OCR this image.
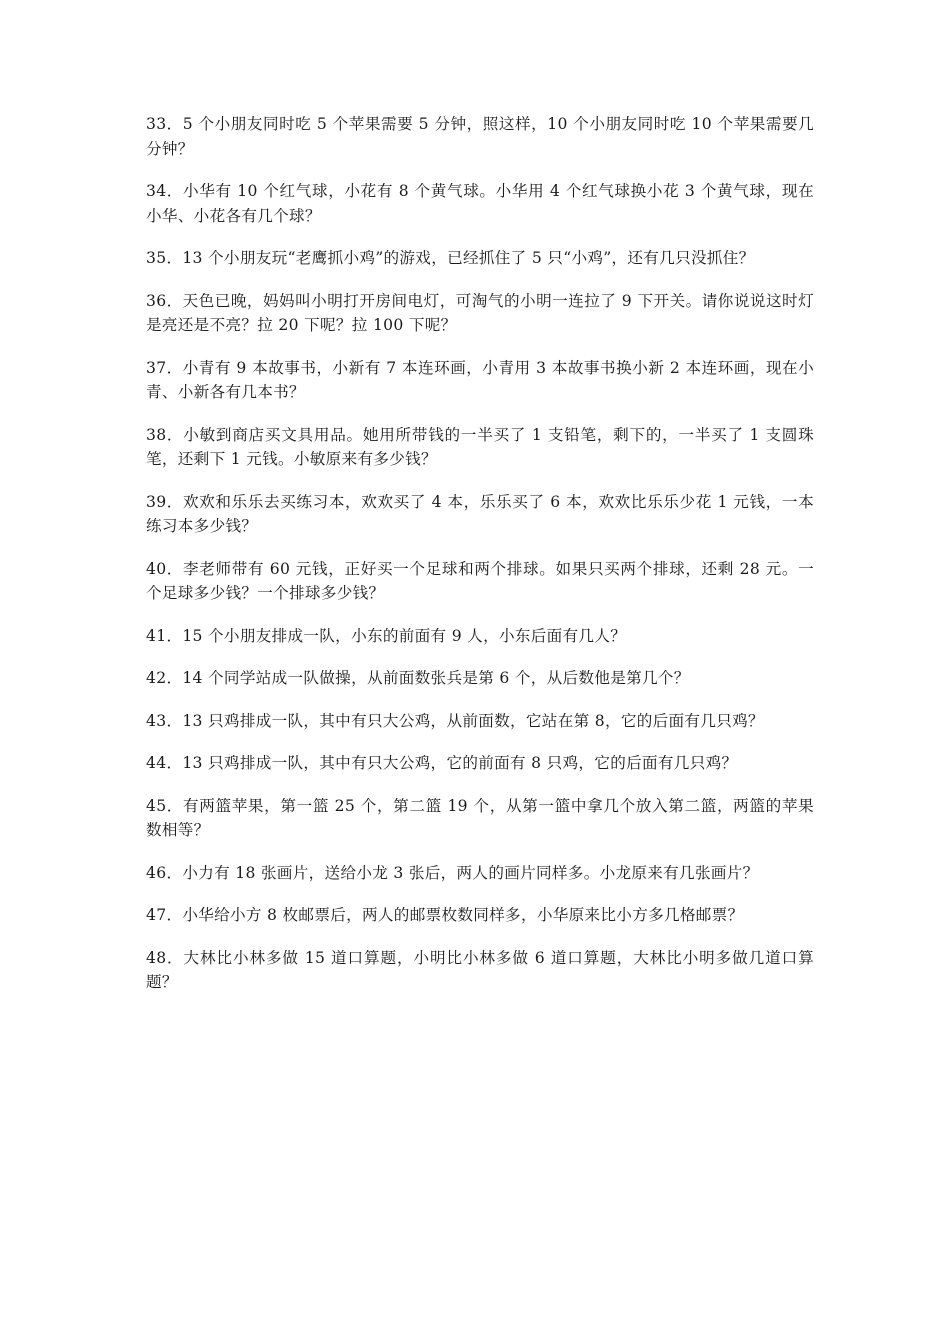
33．5 个小朋友同时吃 5 个苹果需要 5 分钟，照这样，10 个小朋友同时吃 10 个苹果需要几分钟？

34．小华有 10 个红气球，小花有 8 个黄气球。小华用 4 个红气球换小花 3 个黄气球，现在小华、小花各有几个球？

35．13 个小朋友玩“老鹰抓小鸡”的游戏，已经抓住了 5 只“小鸡”，还有几只没抓住？

36．天色已晚，妈妈叫小明打开房间电灯，可淘气的小明一连拉了 9 下开关。请你说说这时灯是亮还是不亮？拉 20 下呢？拉 100 下呢？

37．小青有 9 本故事书，小新有 7 本连环画，小青用 3 本故事书换小新 2 本连环画，现在小青、小新各有几本书？

38．小敏到商店买文具用品。她用所带钱的一半买了 1 支铅笔，剩下的，一半买了 1 支圆珠笔，还剩下 1 元钱。小敏原来有多少钱？

39．欢欢和乐乐去买练习本，欢欢买了 4 本，乐乐买了 6 本，欢欢比乐乐少花 1 元钱，一本练习本多少钱？

40．李老师带有 60 元钱，正好买一个足球和两个排球。如果只买两个排球，还剩 28 元。一个足球多少钱？一个排球多少钱？

41．15 个小朋友排成一队，小东的前面有 9 人，小东后面有几人？

42．14 个同学站成一队做操，从前面数张兵是第 6 个，从后数他是第几个？

43．13 只鸡排成一队，其中有只大公鸡，从前面数，它站在第 8，它的后面有几只鸡？

44．13 只鸡排成一队，其中有只大公鸡，它的前面有 8 只鸡，它的后面有几只鸡？

45．有两篮苹果，第一篮 25 个，第二篮 19 个，从第一篮中拿几个放入第二篮，两篮的苹果数相等？

46．小力有 18 张画片，送给小龙 3 张后，两人的画片同样多。小龙原来有几张画片？

47．小华给小方 8 枚邮票后，两人的邮票枚数同样多，小华原来比小方多几格邮票？

48．大林比小林多做 15 道口算题，小明比小林多做 6 道口算题，大林比小明多做几道口算题？
